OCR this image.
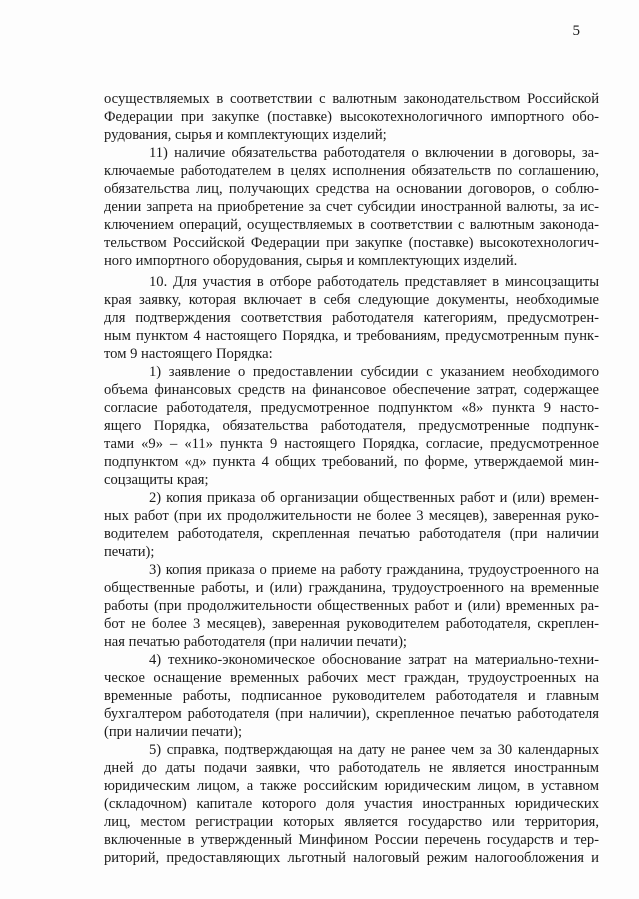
5
осуществляемых в соответствии с валютным законодательством Российской
Федерации при закупке (поставке) высокотехнологичного импортного обо-
рудования, сырья и комплектующих изделий;
11) наличие обязательства работодателя о включении в договоры, за-
ключаемые работодателем в целях исполнения обязательств по соглашению,
обязательства лиц, получающих средства на основании договоров, о соблю-
дении запрета на приобретение за счет субсидии иностранной валюты, за ис-
ключением операций, осуществляемых в соответствии с валютным законода-
тельством Российской Федерации при закупке (поставке) высокотехнологич-
ного импортного оборудования, сырья и комплектующих изделий.
10. Для участия в отборе работодатель представляет в минсоцзащиты
края заявку, которая включает в себя следующие документы, необходимые
для подтверждения соответствия работодателя категориям, предусмотрен-
ным пунктом 4 настоящего Порядка, и требованиям, предусмотренным пунк-
том 9 настоящего Порядка:
1) заявление о предоставлении субсидии с указанием необходимого
объема финансовых средств на финансовое обеспечение затрат, содержащее
согласие работодателя, предусмотренное подпунктом «8» пункта 9 насто-
ящего Порядка, обязательства работодателя, предусмотренные подпунк-
тами «9» – «11» пункта 9 настоящего Порядка, согласие, предусмотренное
подпунктом «д» пункта 4 общих требований, по форме, утверждаемой мин-
соцзащиты края;
2) копия приказа об организации общественных работ и (или) времен-
ных работ (при их продолжительности не более 3 месяцев), заверенная руко-
водителем работодателя, скрепленная печатью работодателя (при наличии
печати);
3) копия приказа о приеме на работу гражданина, трудоустроенного на
общественные работы, и (или) гражданина, трудоустроенного на временные
работы (при продолжительности общественных работ и (или) временных ра-
бот не более 3 месяцев), заверенная руководителем работодателя, скреплен-
ная печатью работодателя (при наличии печати);
4) технико-экономическое обоснование затрат на материально-техни-
ческое оснащение временных рабочих мест граждан, трудоустроенных на
временные работы, подписанное руководителем работодателя и главным
бухгалтером работодателя (при наличии), скрепленное печатью работодателя
(при наличии печати);
5) справка, подтверждающая на дату не ранее чем за 30 календарных
дней до даты подачи заявки, что работодатель не является иностранным
юридическим лицом, а также российским юридическим лицом, в уставном
(складочном) капитале которого доля участия иностранных юридических
лиц, местом регистрации которых является государство или территория,
включенные в утвержденный Минфином России перечень государств и тер-
риторий, предоставляющих льготный налоговый режим налогообложения и
